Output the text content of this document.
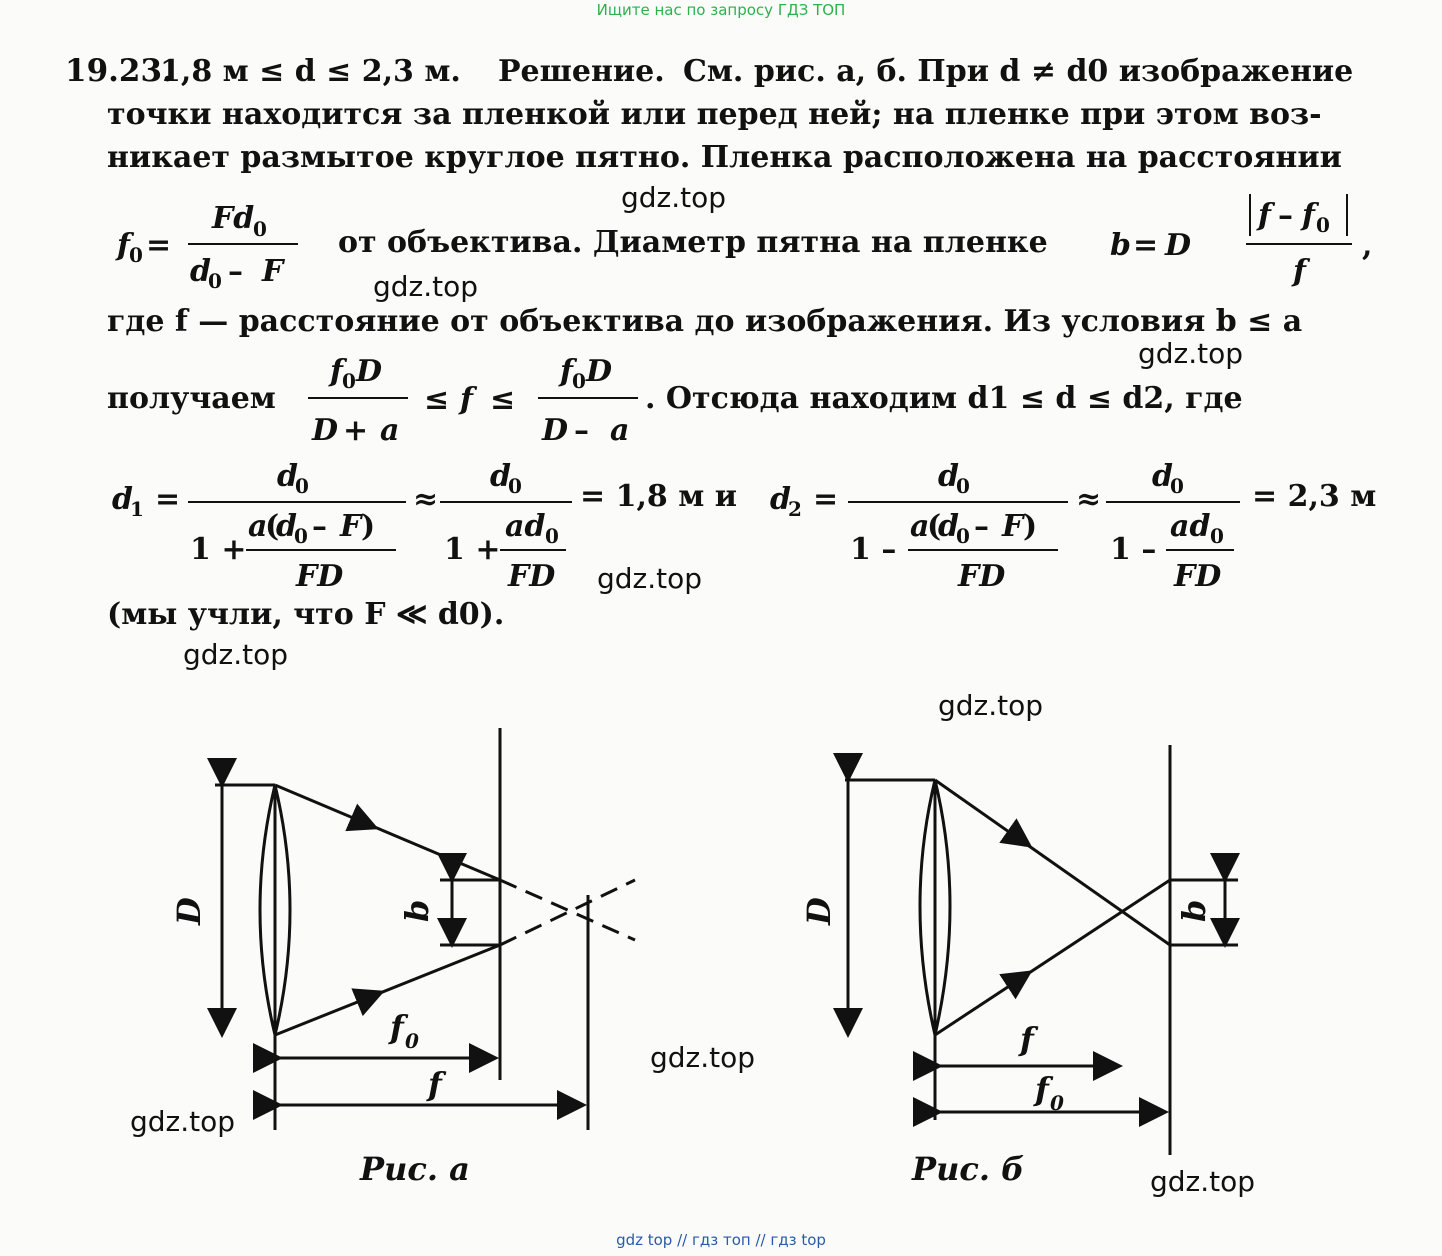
Ищите нас по запросу ГДЗ ТОП
19.23.
1,8 м ≤ d ≤ 2,3 м. Решение. См. рис. а, б. При d ≠ d0 изображение
точки находится за пленкой или перед ней; на пленке при этом воз-
никает размытое круглое пятно. Пленка расположена на расстоянии
от объектива. Диаметр пятна на пленке
где f — расстояние от объектива до изображения. Из условия b ≤ a
получаем	. Отсюда находим d1 ≤ d ≤ d2, где
= 1,8 м и	= 2,3 м
(мы учли, что F ≪ d0).
f 0 =
Fd
0
d
0 – F
b = D
f – f 0
f
,
f 0 D
D + a
≤ f ≤
f 0 D
D – a
d
1 =
d
0
1 +
a
(
d
0 – F )
FD
≈
d
0
1 +
ad 0
FD
d
2 =
d
0
1 –
a
(
d
0 – F )
FD
≈
d
0
1 –
ad 0
FD
D	b
f 0
f
Рис. а
D	b
f
f 0
Рис. б
gdz.top
gdz.top
gdz.top
gdz.top
gdz.top
gdz.top
gdz.top
gdz.top
gdz.top
gdz top // гдз топ // гдз top
